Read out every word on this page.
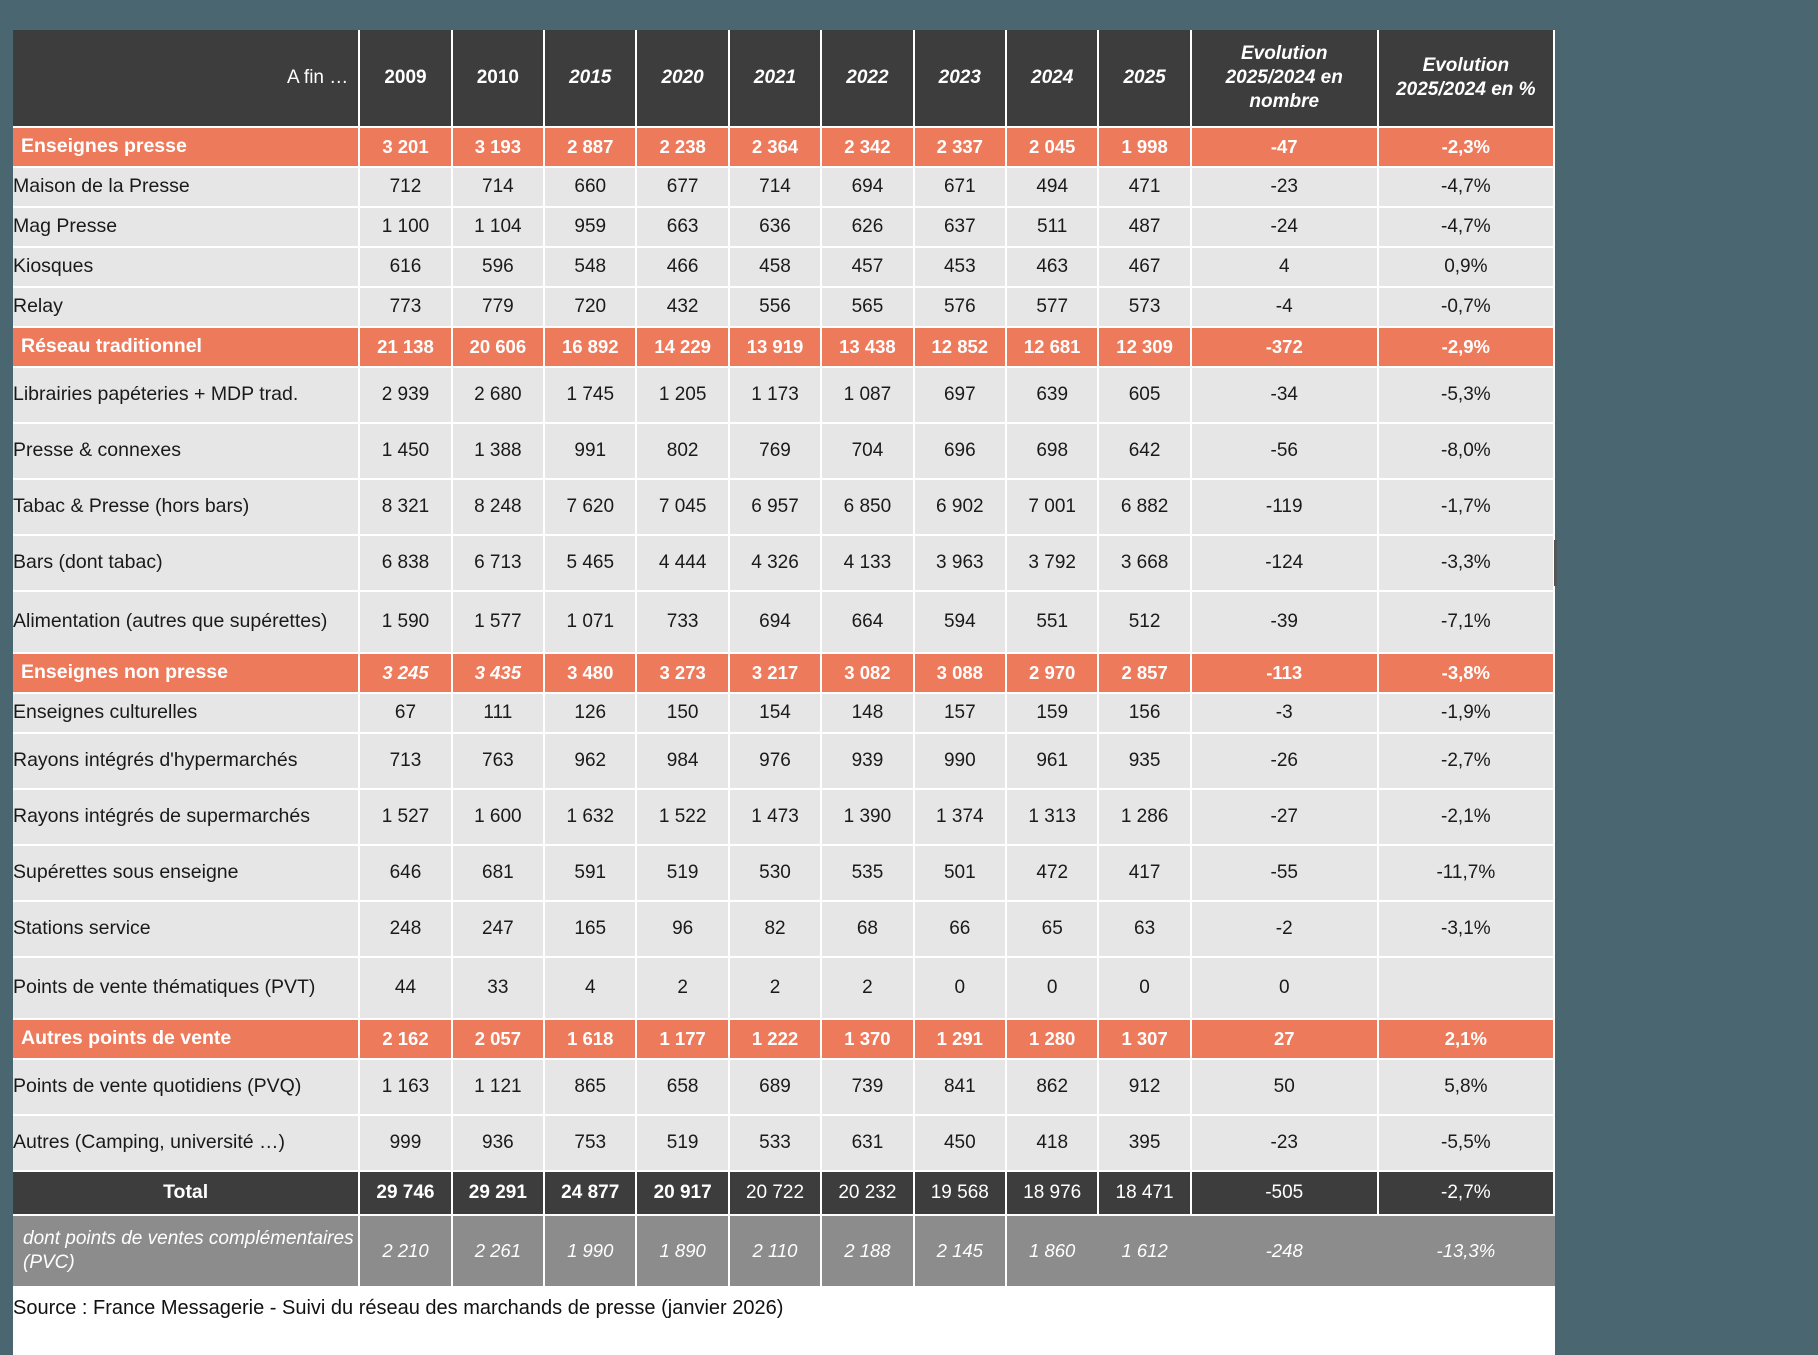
A fin …	2009	2010	2015	2020	2021	2022	2023	2024	2025	Evolution 2025/2024 en nombre	Evolution 2025/2024 en %
Enseignes presse	3 201	3 193	2 887	2 238	2 364	2 342	2 337	2 045	1 998	-47	-2,3%
Maison de la Presse	712	714	660	677	714	694	671	494	471	-23	-4,7%
Mag Presse	1 100	1 104	959	663	636	626	637	511	487	-24	-4,7%
Kiosques	616	596	548	466	458	457	453	463	467	4	0,9%
Relay	773	779	720	432	556	565	576	577	573	-4	-0,7%
Réseau traditionnel	21 138	20 606	16 892	14 229	13 919	13 438	12 852	12 681	12 309	-372	-2,9%
Librairies papéteries + MDP trad.	2 939	2 680	1 745	1 205	1 173	1 087	697	639	605	-34	-5,3%
Presse & connexes	1 450	1 388	991	802	769	704	696	698	642	-56	-8,0%
Tabac & Presse (hors bars)	8 321	8 248	7 620	7 045	6 957	6 850	6 902	7 001	6 882	-119	-1,7%
Bars (dont tabac)	6 838	6 713	5 465	4 444	4 326	4 133	3 963	3 792	3 668	-124	-3,3%
Alimentation (autres que supérettes)	1 590	1 577	1 071	733	694	664	594	551	512	-39	-7,1%
Enseignes non presse	3 245	3 435	3 480	3 273	3 217	3 082	3 088	2 970	2 857	-113	-3,8%
Enseignes culturelles	67	111	126	150	154	148	157	159	156	-3	-1,9%
Rayons intégrés d'hypermarchés	713	763	962	984	976	939	990	961	935	-26	-2,7%
Rayons intégrés de supermarchés	1 527	1 600	1 632	1 522	1 473	1 390	1 374	1 313	1 286	-27	-2,1%
Supérettes sous enseigne	646	681	591	519	530	535	501	472	417	-55	-11,7%
Stations service	248	247	165	96	82	68	66	65	63	-2	-3,1%
Points de vente thématiques (PVT)	44	33	4	2	2	2	0	0	0	0	
Autres points de vente	2 162	2 057	1 618	1 177	1 222	1 370	1 291	1 280	1 307	27	2,1%
Points de vente quotidiens (PVQ)	1 163	1 121	865	658	689	739	841	862	912	50	5,8%
Autres (Camping, université …)	999	936	753	519	533	631	450	418	395	-23	-5,5%
Total	29 746	29 291	24 877	20 917	20 722	20 232	19 568	18 976	18 471	-505	-2,7%
dont points de ventes complémentaires (PVC)	2 210	2 261	1 990	1 890	2 110	2 188	2 145	1 860	1 612	-248	-13,3%
Source : France Messagerie - Suivi du réseau des marchands de presse (janvier 2026)
